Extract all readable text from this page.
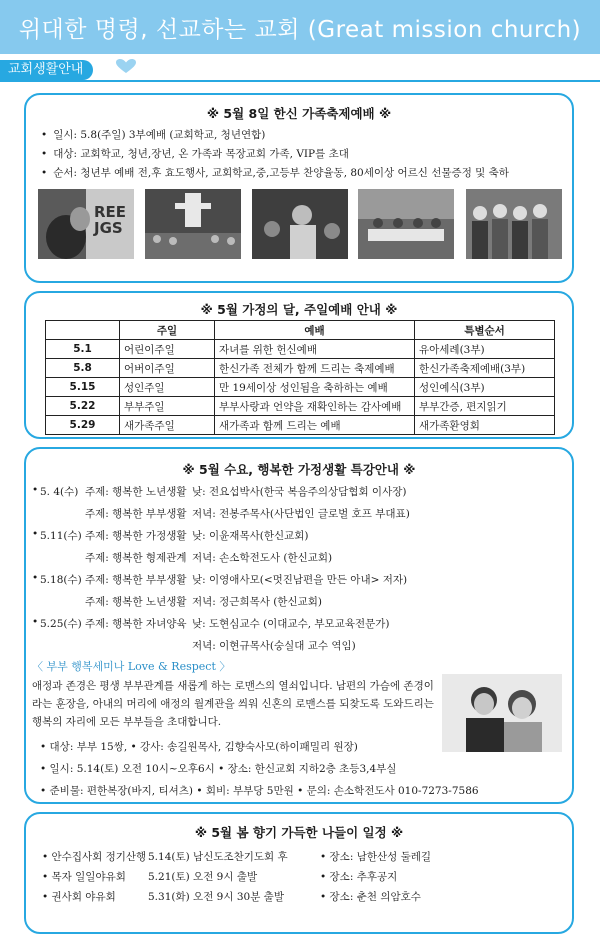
위대한 명령, 선교하는 교회 (Great mission church)
교회생활안내
※ 5월 8일 한신 가족축제예배 ※
• 일시: 5.8(주일) 3부예배 (교회학교, 청년연합)
• 대상: 교회학교, 청년,장년, 온 가족과 목장교회 가족, VIP를 초대
• 순서: 청년부 예배 전,후 효도행사, 교회학교,중,고등부 찬양율동, 80세이상 어르신 선물증정 및 축하
REE JGS
※ 5월 가정의 달, 주일예배 안내 ※
	주일	예배	특별순서
5.1	어린이주일	자녀를 위한 헌신예배	유아세례(3부)
5.8	어버이주일	한신가족 전체가 함께 드리는 축제예배	한신가족축제예배(3부)
5.15	성인주일	만 19세이상 성인됨을 축하하는 예배	성인예식(3부)
5.22	부부주일	부부사랑과 언약을 재확인하는 감사예배	부부간증, 편지읽기
5.29	새가족주일	새가족과 함께 드리는 예배	새가족환영회
※ 5월 수요, 행복한 가정생활 특강안내 ※
• 5. 4(수) 주제: 행복한 노년생활 낮: 전요섭박사(한국 복음주의상담협회 이사장)
주제: 행복한 부부생활 저녁: 전봉주목사(사단법인 글로벌 호프 부대표)
• 5.11(수) 주제: 행복한 가정생활 낮: 이윤재목사(한신교회)
주제: 행복한 형제관계 저녁: 손소학전도사 (한신교회)
• 5.18(수) 주제: 행복한 부부생활 낮: 이영애사모(<멋진남편을 만든 아내> 저자)
주제: 행복한 노년생활 저녁: 정근희목사 (한신교회)
• 5.25(수) 주제: 행복한 자녀양육 낮: 도현심교수 (이대교수, 부모교육전문가)
저녁: 이현규목사(숭실대 교수 역임)
〈 부부 행복세미나 Love & Respect 〉
애정과 존경은 평생 부부관계를 새롭게 하는 로맨스의 열쇠입니다. 남편의 가슴에 존경이라는 훈장을, 아내의 머리에 애정의 월계관을 씌워 신혼의 로맨스를 되찾도록 도와드리는 행복의 자리에 모든 부부들을 초대합니다.
• 대상: 부부 15쌍, • 강사: 송길원목사, 김향숙사모(하이패밀리 원장)
• 일시: 5.14(토) 오전 10시~오후6시 • 장소: 한신교회 지하2층 초등3,4부실
• 준비물: 편한복장(바지, 티셔츠) • 회비: 부부당 5만원 • 문의: 손소학전도사 010-7273-7586
※ 5월 봄 향기 가득한 나들이 일정 ※
• 안수집사회 정기산행 5.14(토) 남신도조찬기도회 후	• 장소: 남한산성 둘레길
• 목자 일일야유회 5.21(토) 오전 9시 출발	• 장소: 추후공지
• 권사회 야유회	5.31(화) 오전 9시 30분 출발	• 장소: 춘천 의암호수
